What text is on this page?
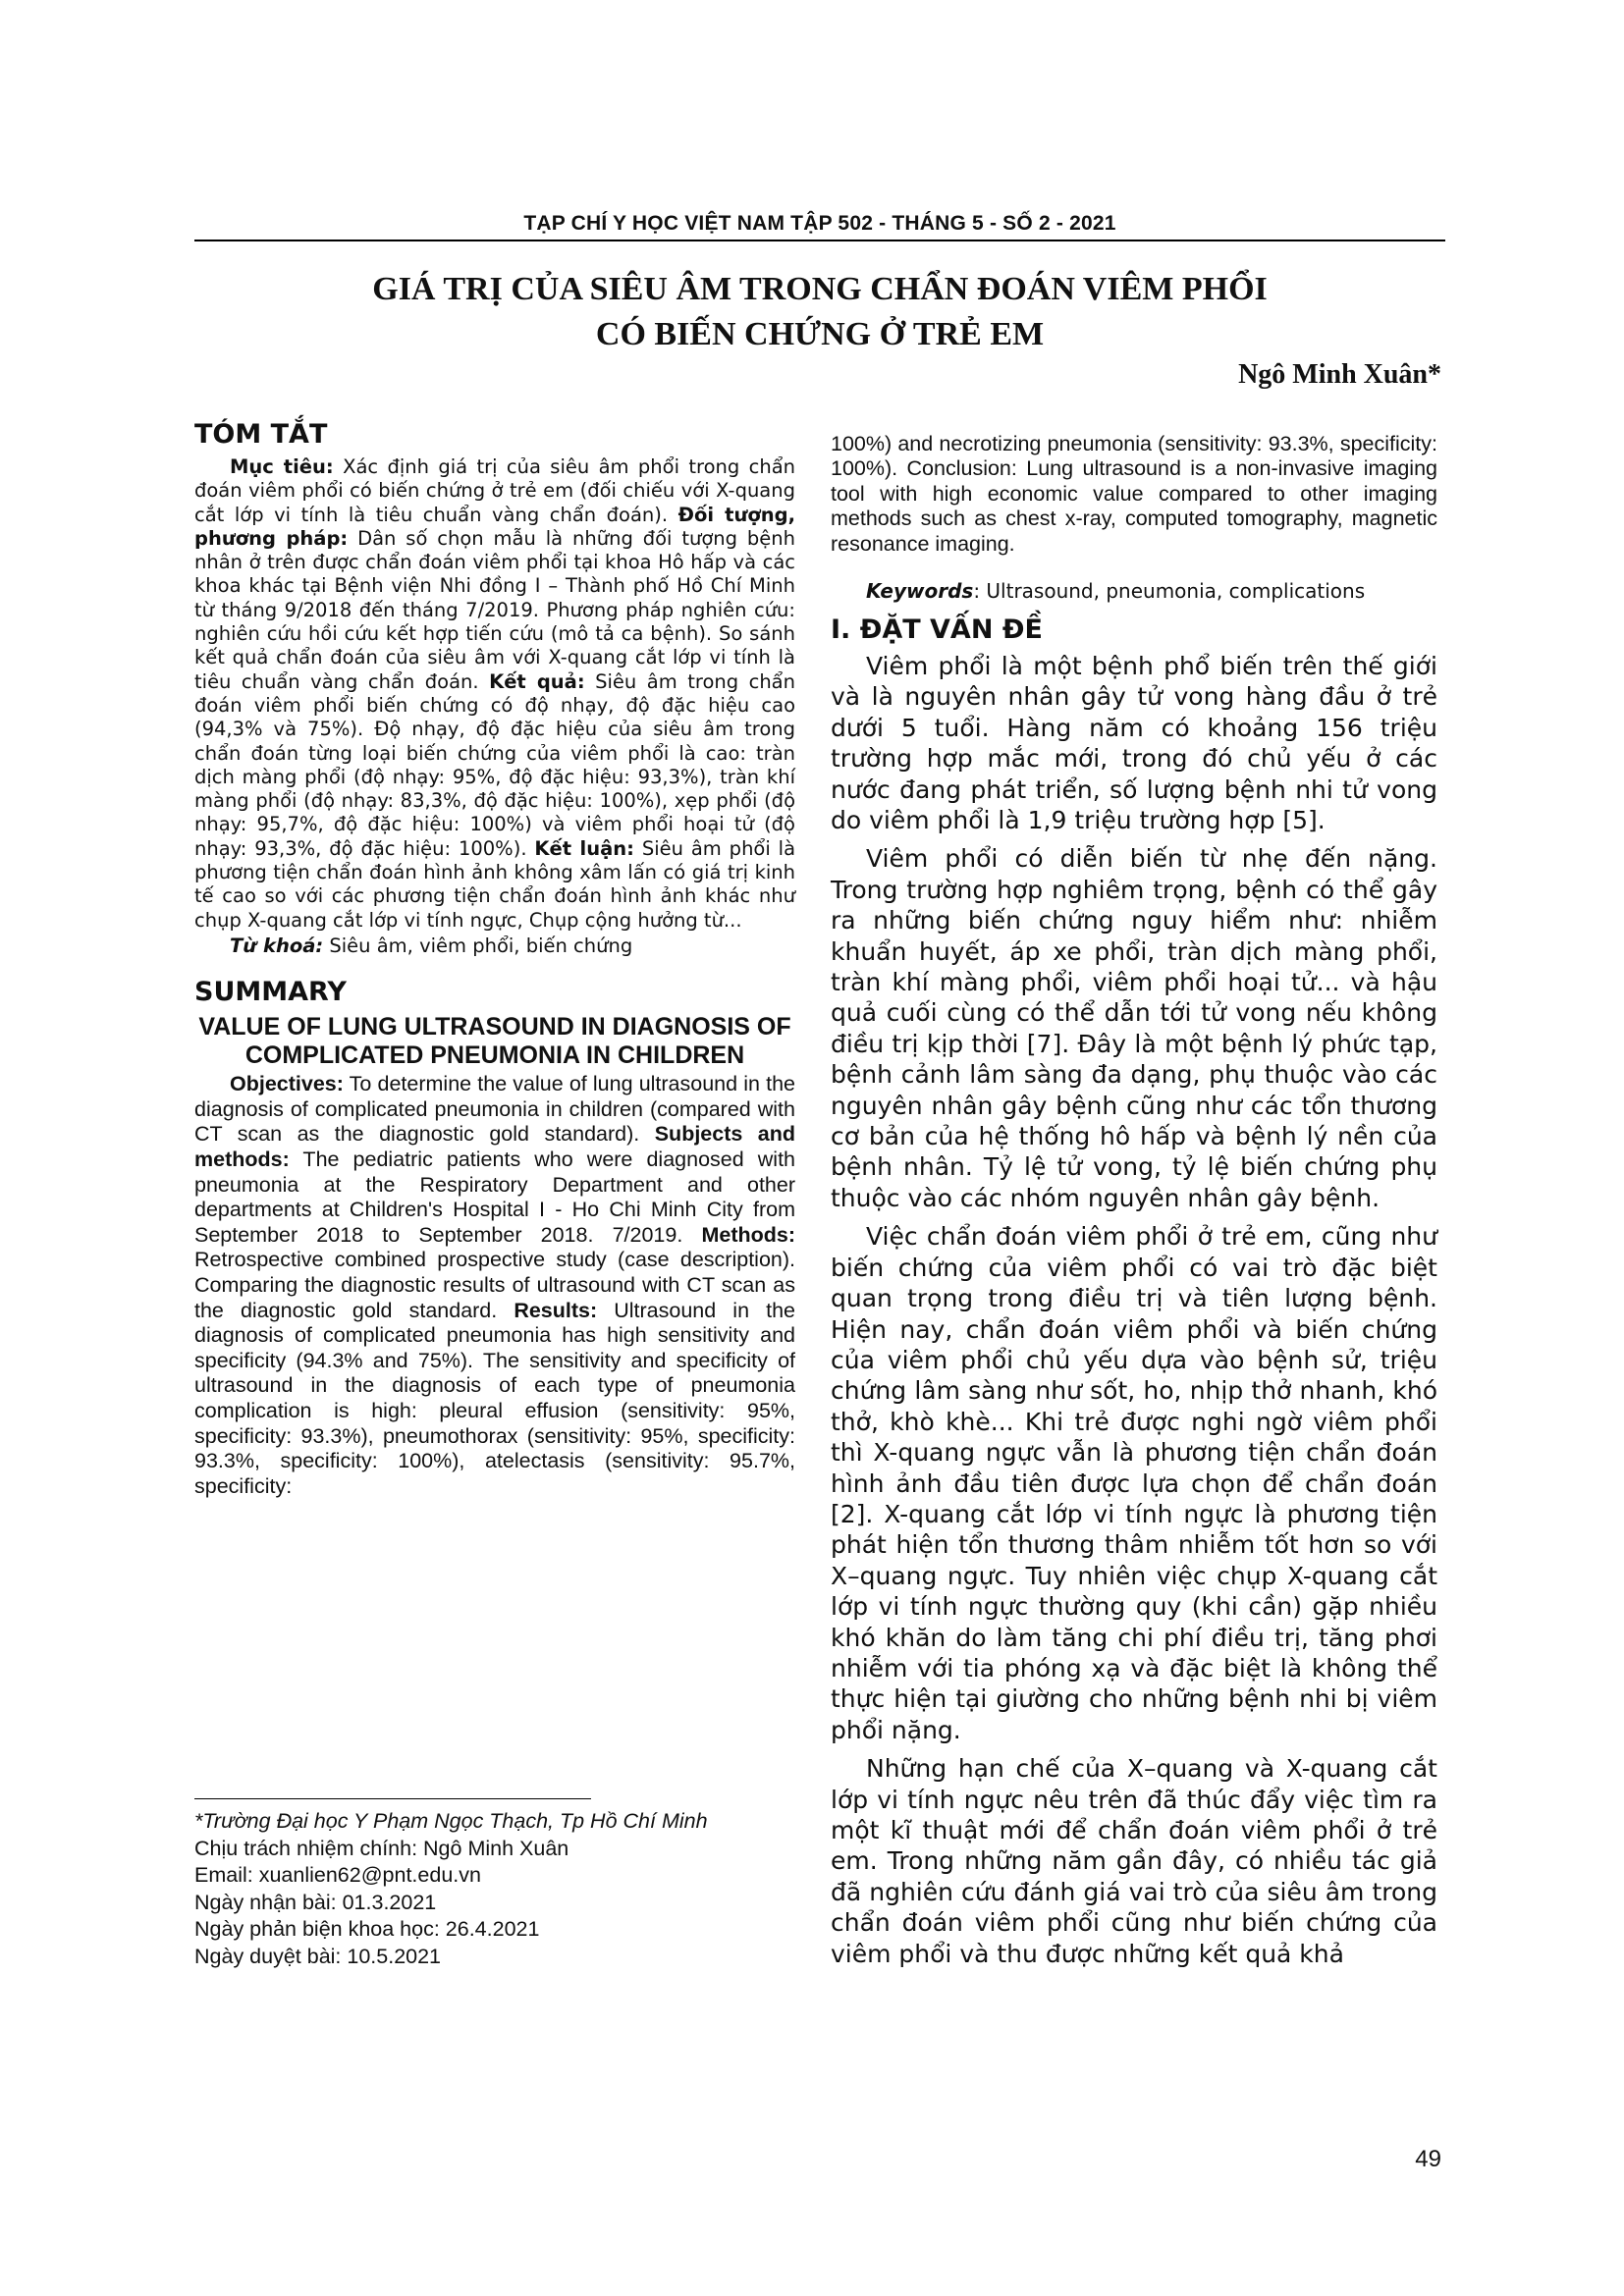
TẠP CHÍ Y HỌC VIỆT NAM TẬP 502 - THÁNG 5 - SỐ 2 - 2021
GIÁ TRỊ CỦA SIÊU ÂM TRONG CHẨN ĐOÁN VIÊM PHỔI
CÓ BIẾN CHỨNG Ở TRẺ EM
Ngô Minh Xuân*
TÓM TẮT

Mục tiêu: Xác định giá trị của siêu âm phổi trong chẩn đoán viêm phổi có biến chứng ở trẻ em (đối chiếu với X-quang cắt lớp vi tính là tiêu chuẩn vàng chẩn đoán). Đối tượng, phương pháp: Dân số chọn mẫu là những đối tượng bệnh nhân ở trên được chẩn đoán viêm phổi tại khoa Hô hấp và các khoa khác tại Bệnh viện Nhi đồng I – Thành phố Hồ Chí Minh từ tháng 9/2018 đến tháng 7/2019. Phương pháp nghiên cứu: nghiên cứu hồi cứu kết hợp tiến cứu (mô tả ca bệnh). So sánh kết quả chẩn đoán của siêu âm với X-quang cắt lớp vi tính là tiêu chuẩn vàng chẩn đoán. Kết quả: Siêu âm trong chẩn đoán viêm phổi biến chứng có độ nhạy, độ đặc hiệu cao (94,3% và 75%). Độ nhạy, độ đặc hiệu của siêu âm trong chẩn đoán từng loại biến chứng của viêm phổi là cao: tràn dịch màng phổi (độ nhạy: 95%, độ đặc hiệu: 93,3%), tràn khí màng phổi (độ nhạy: 83,3%, độ đặc hiệu: 100%), xẹp phổi (độ nhạy: 95,7%, độ đặc hiệu: 100%) và viêm phổi hoại tử (độ nhạy: 93,3%, độ đặc hiệu: 100%). Kết luận: Siêu âm phổi là phương tiện chẩn đoán hình ảnh không xâm lấn có giá trị kinh tế cao so với các phương tiện chẩn đoán hình ảnh khác như chụp X-quang cắt lớp vi tính ngực, Chụp cộng hưởng từ...

Từ khoá: Siêu âm, viêm phổi, biến chứng

SUMMARY
VALUE OF LUNG ULTRASOUND IN DIAGNOSIS OF COMPLICATED PNEUMONIA IN CHILDREN

Objectives: To determine the value of lung ultrasound in the diagnosis of complicated pneumonia in children (compared with CT scan as the diagnostic gold standard). Subjects and methods: The pediatric patients who were diagnosed with pneumonia at the Respiratory Department and other departments at Children's Hospital I - Ho Chi Minh City from September 2018 to September 2018. 7/2019. Methods: Retrospective combined prospective study (case description). Comparing the diagnostic results of ultrasound with CT scan as the diagnostic gold standard. Results: Ultrasound in the diagnosis of complicated pneumonia has high sensitivity and specificity (94.3% and 75%). The sensitivity and specificity of ultrasound in the diagnosis of each type of pneumonia complication is high: pleural effusion (sensitivity: 95%, specificity: 93.3%), pneumothorax (sensitivity: 95%, specificity: 93.3%, specificity: 100%), atelectasis (sensitivity: 95.7%, specificity:

*Trường Đại học Y Phạm Ngọc Thạch, Tp Hồ Chí Minh
Chịu trách nhiệm chính: Ngô Minh Xuân
Email: xuanlien62@pnt.edu.vn
Ngày nhận bài: 01.3.2021
Ngày phản biện khoa học: 26.4.2021
Ngày duyệt bài: 10.5.2021

100%) and necrotizing pneumonia (sensitivity: 93.3%, specificity: 100%). Conclusion: Lung ultrasound is a non-invasive imaging tool with high economic value compared to other imaging methods such as chest x-ray, computed tomography, magnetic resonance imaging.

Keywords: Ultrasound, pneumonia, complications

I. ĐẶT VẤN ĐỀ

Viêm phổi là một bệnh phổ biến trên thế giới và là nguyên nhân gây tử vong hàng đầu ở trẻ dưới 5 tuổi. Hàng năm có khoảng 156 triệu trường hợp mắc mới, trong đó chủ yếu ở các nước đang phát triển, số lượng bệnh nhi tử vong do viêm phổi là 1,9 triệu trường hợp [5].

Viêm phổi có diễn biến từ nhẹ đến nặng. Trong trường hợp nghiêm trọng, bệnh có thể gây ra những biến chứng nguy hiểm như: nhiễm khuẩn huyết, áp xe phổi, tràn dịch màng phổi, tràn khí màng phổi, viêm phổi hoại tử... và hậu quả cuối cùng có thể dẫn tới tử vong nếu không điều trị kịp thời [7]. Đây là một bệnh lý phức tạp, bệnh cảnh lâm sàng đa dạng, phụ thuộc vào các nguyên nhân gây bệnh cũng như các tổn thương cơ bản của hệ thống hô hấp và bệnh lý nền của bệnh nhân. Tỷ lệ tử vong, tỷ lệ biến chứng phụ thuộc vào các nhóm nguyên nhân gây bệnh.

Việc chẩn đoán viêm phổi ở trẻ em, cũng như biến chứng của viêm phổi có vai trò đặc biệt quan trọng trong điều trị và tiên lượng bệnh. Hiện nay, chẩn đoán viêm phổi và biến chứng của viêm phổi chủ yếu dựa vào bệnh sử, triệu chứng lâm sàng như sốt, ho, nhịp thở nhanh, khó thở, khò khè... Khi trẻ được nghi ngờ viêm phổi thì X-quang ngực vẫn là phương tiện chẩn đoán hình ảnh đầu tiên được lựa chọn để chẩn đoán [2]. X-quang cắt lớp vi tính ngực là phương tiện phát hiện tổn thương thâm nhiễm tốt hơn so với X–quang ngực. Tuy nhiên việc chụp X-quang cắt lớp vi tính ngực thường quy (khi cần) gặp nhiều khó khăn do làm tăng chi phí điều trị, tăng phơi nhiễm với tia phóng xạ và đặc biệt là không thể thực hiện tại giường cho những bệnh nhi bị viêm phổi nặng.

Những hạn chế của X–quang và X-quang cắt lớp vi tính ngực nêu trên đã thúc đẩy việc tìm ra một kĩ thuật mới để chẩn đoán viêm phổi ở trẻ em. Trong những năm gần đây, có nhiều tác giả đã nghiên cứu đánh giá vai trò của siêu âm trong chẩn đoán viêm phổi cũng như biến chứng của viêm phổi và thu được những kết quả khả

49
